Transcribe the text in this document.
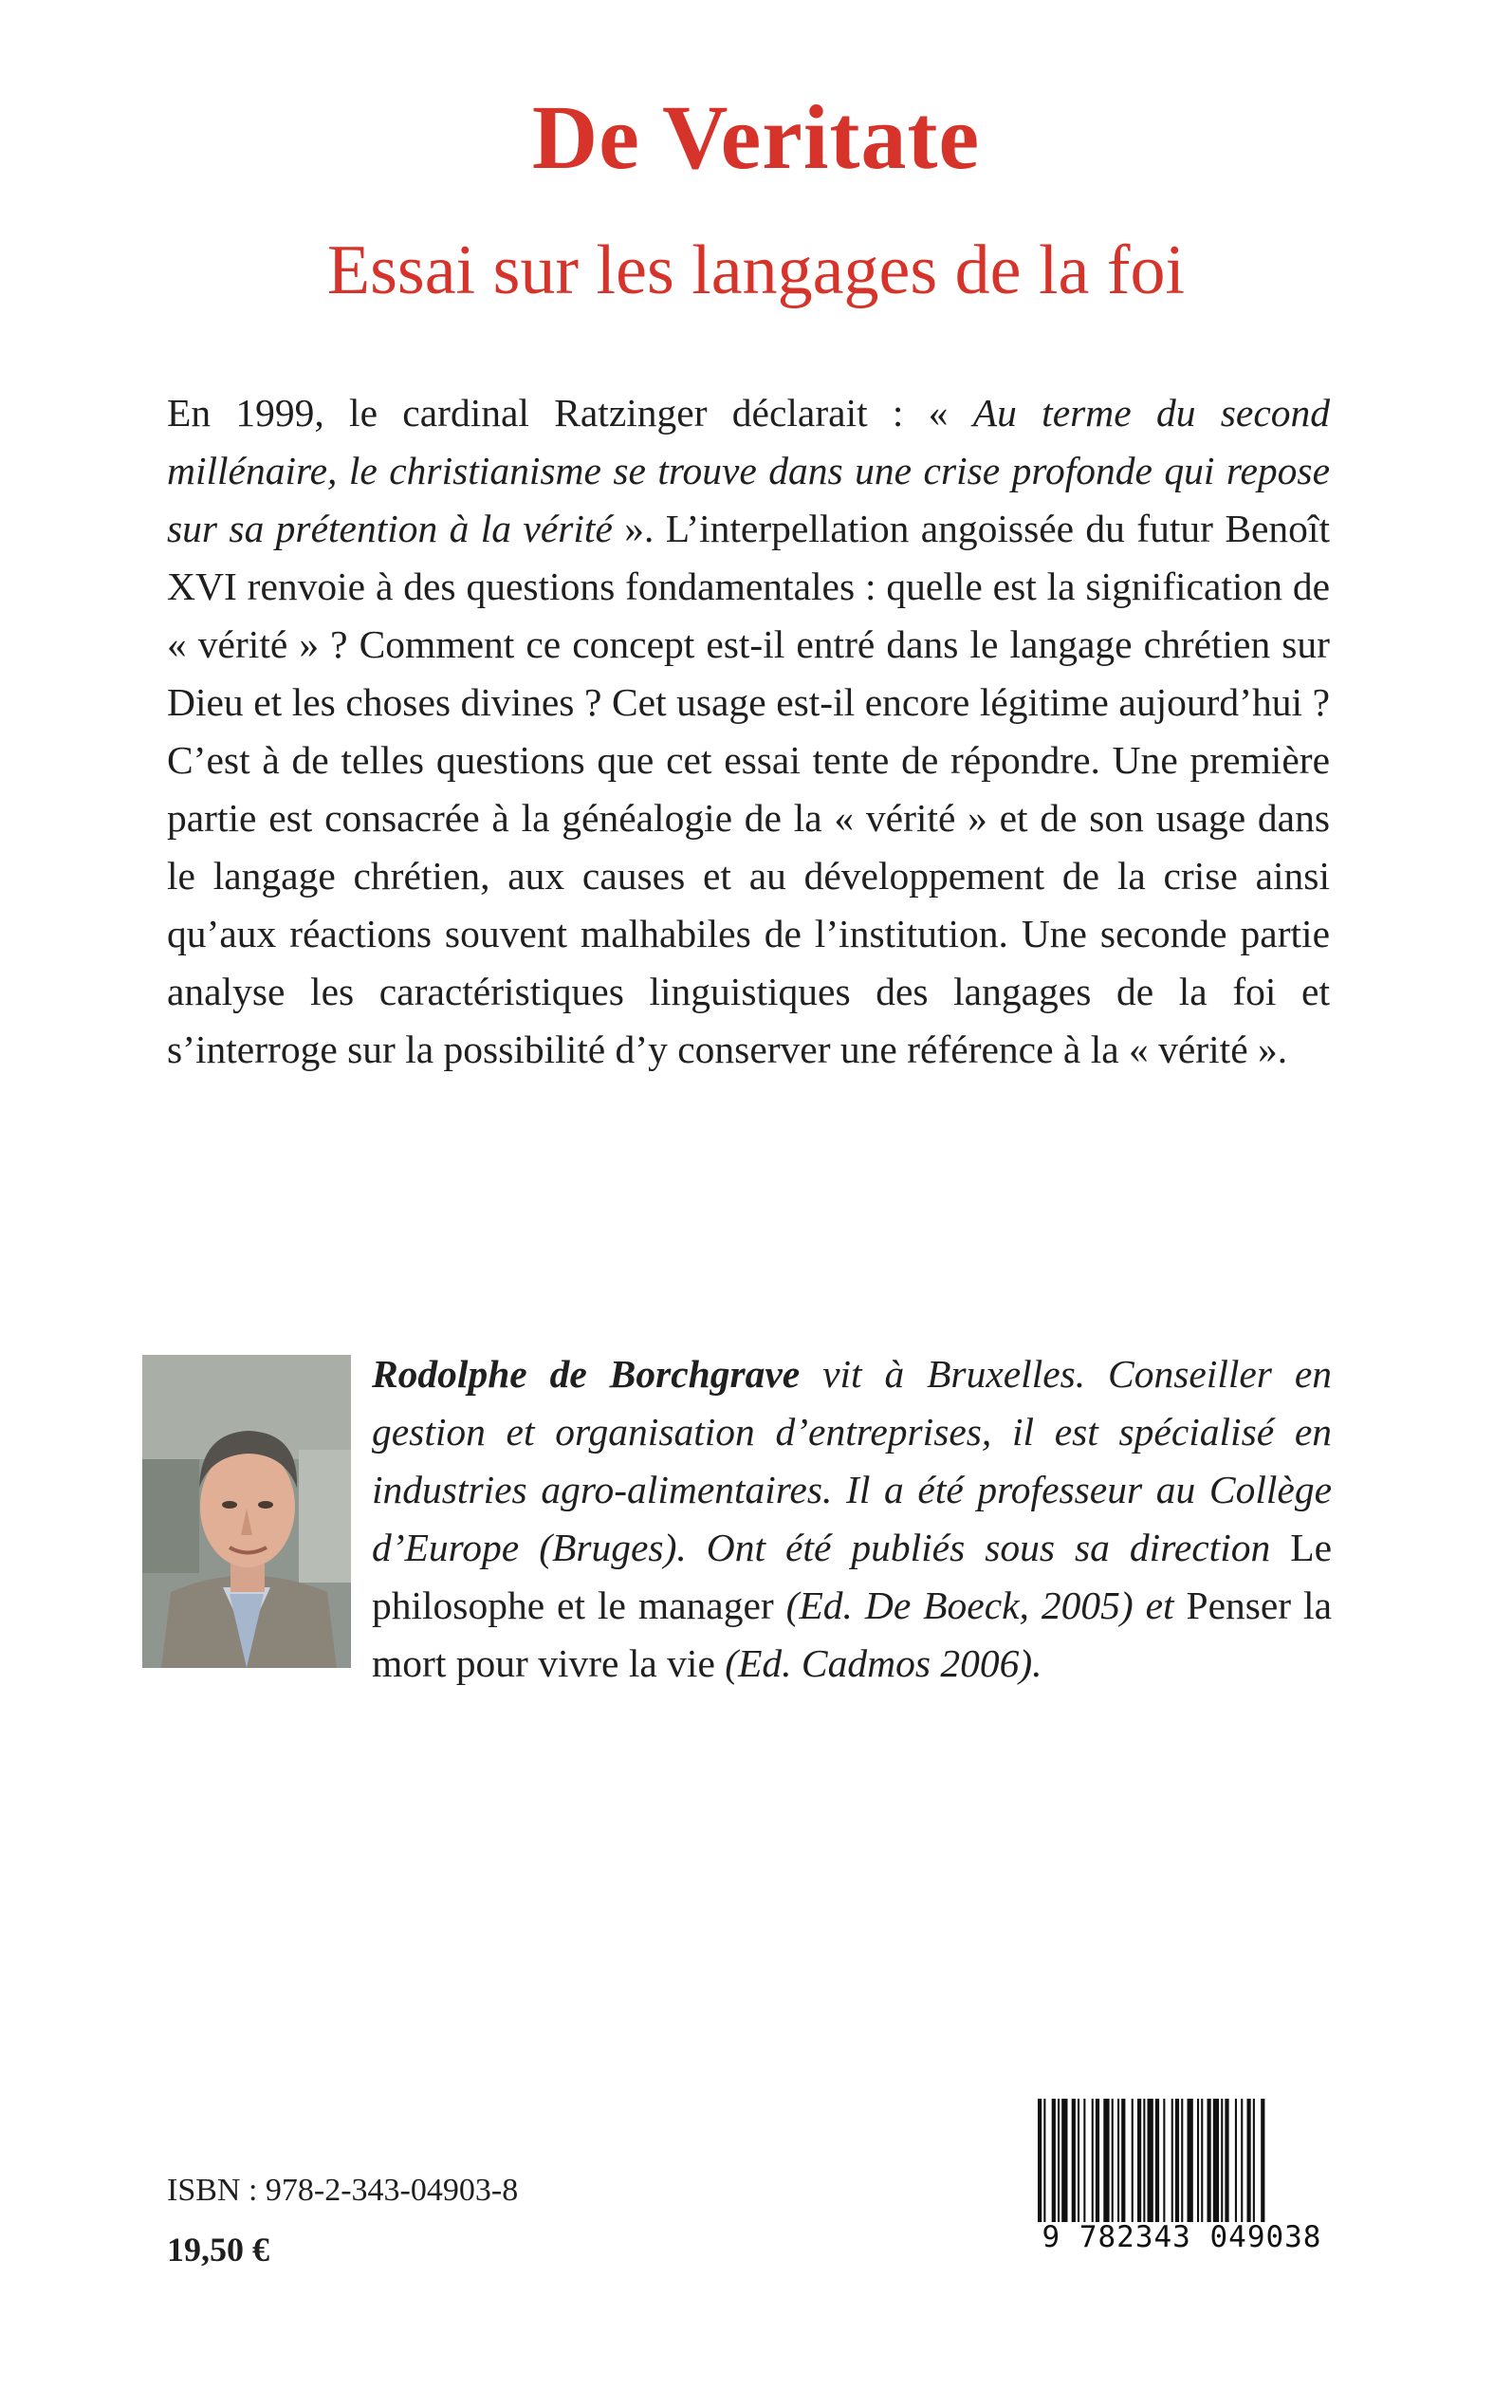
De Veritate
Essai sur les langages de la foi
En 1999, le cardinal Ratzinger déclarait : « Au terme du second millénaire, le christianisme se trouve dans une crise profonde qui repose sur sa prétention à la vérité ». L’interpellation angoissée du futur Benoît XVI renvoie à des questions fondamentales : quelle est la signification de « vérité » ? Comment ce concept est-il entré dans le langage chrétien sur Dieu et les choses divines ? Cet usage est-il encore légitime aujourd’hui ? C’est à de telles questions que cet essai tente de répondre. Une première partie est consacrée à la généalogie de la « vérité » et de son usage dans le langage chrétien, aux causes et au développement de la crise ainsi qu’aux réactions souvent malhabiles de l’institution. Une seconde partie analyse les caractéristiques linguistiques des langages de la foi et s’interroge sur la possibilité d’y conserver une référence à la « vérité ».
Rodolphe de Borchgrave vit à Bruxelles. Conseiller en gestion et organisation d’entreprises, il est spécialisé en industries agro-alimentaires. Il a été professeur au Collège d’Europe (Bruges). Ont été publiés sous sa direction Le philosophe et le manager (Ed. De Boeck, 2005) et Penser la mort pour vivre la vie (Ed. Cadmos 2006).
ISBN : 978-2-343-04903-8
19,50 €	9 782343 049038
